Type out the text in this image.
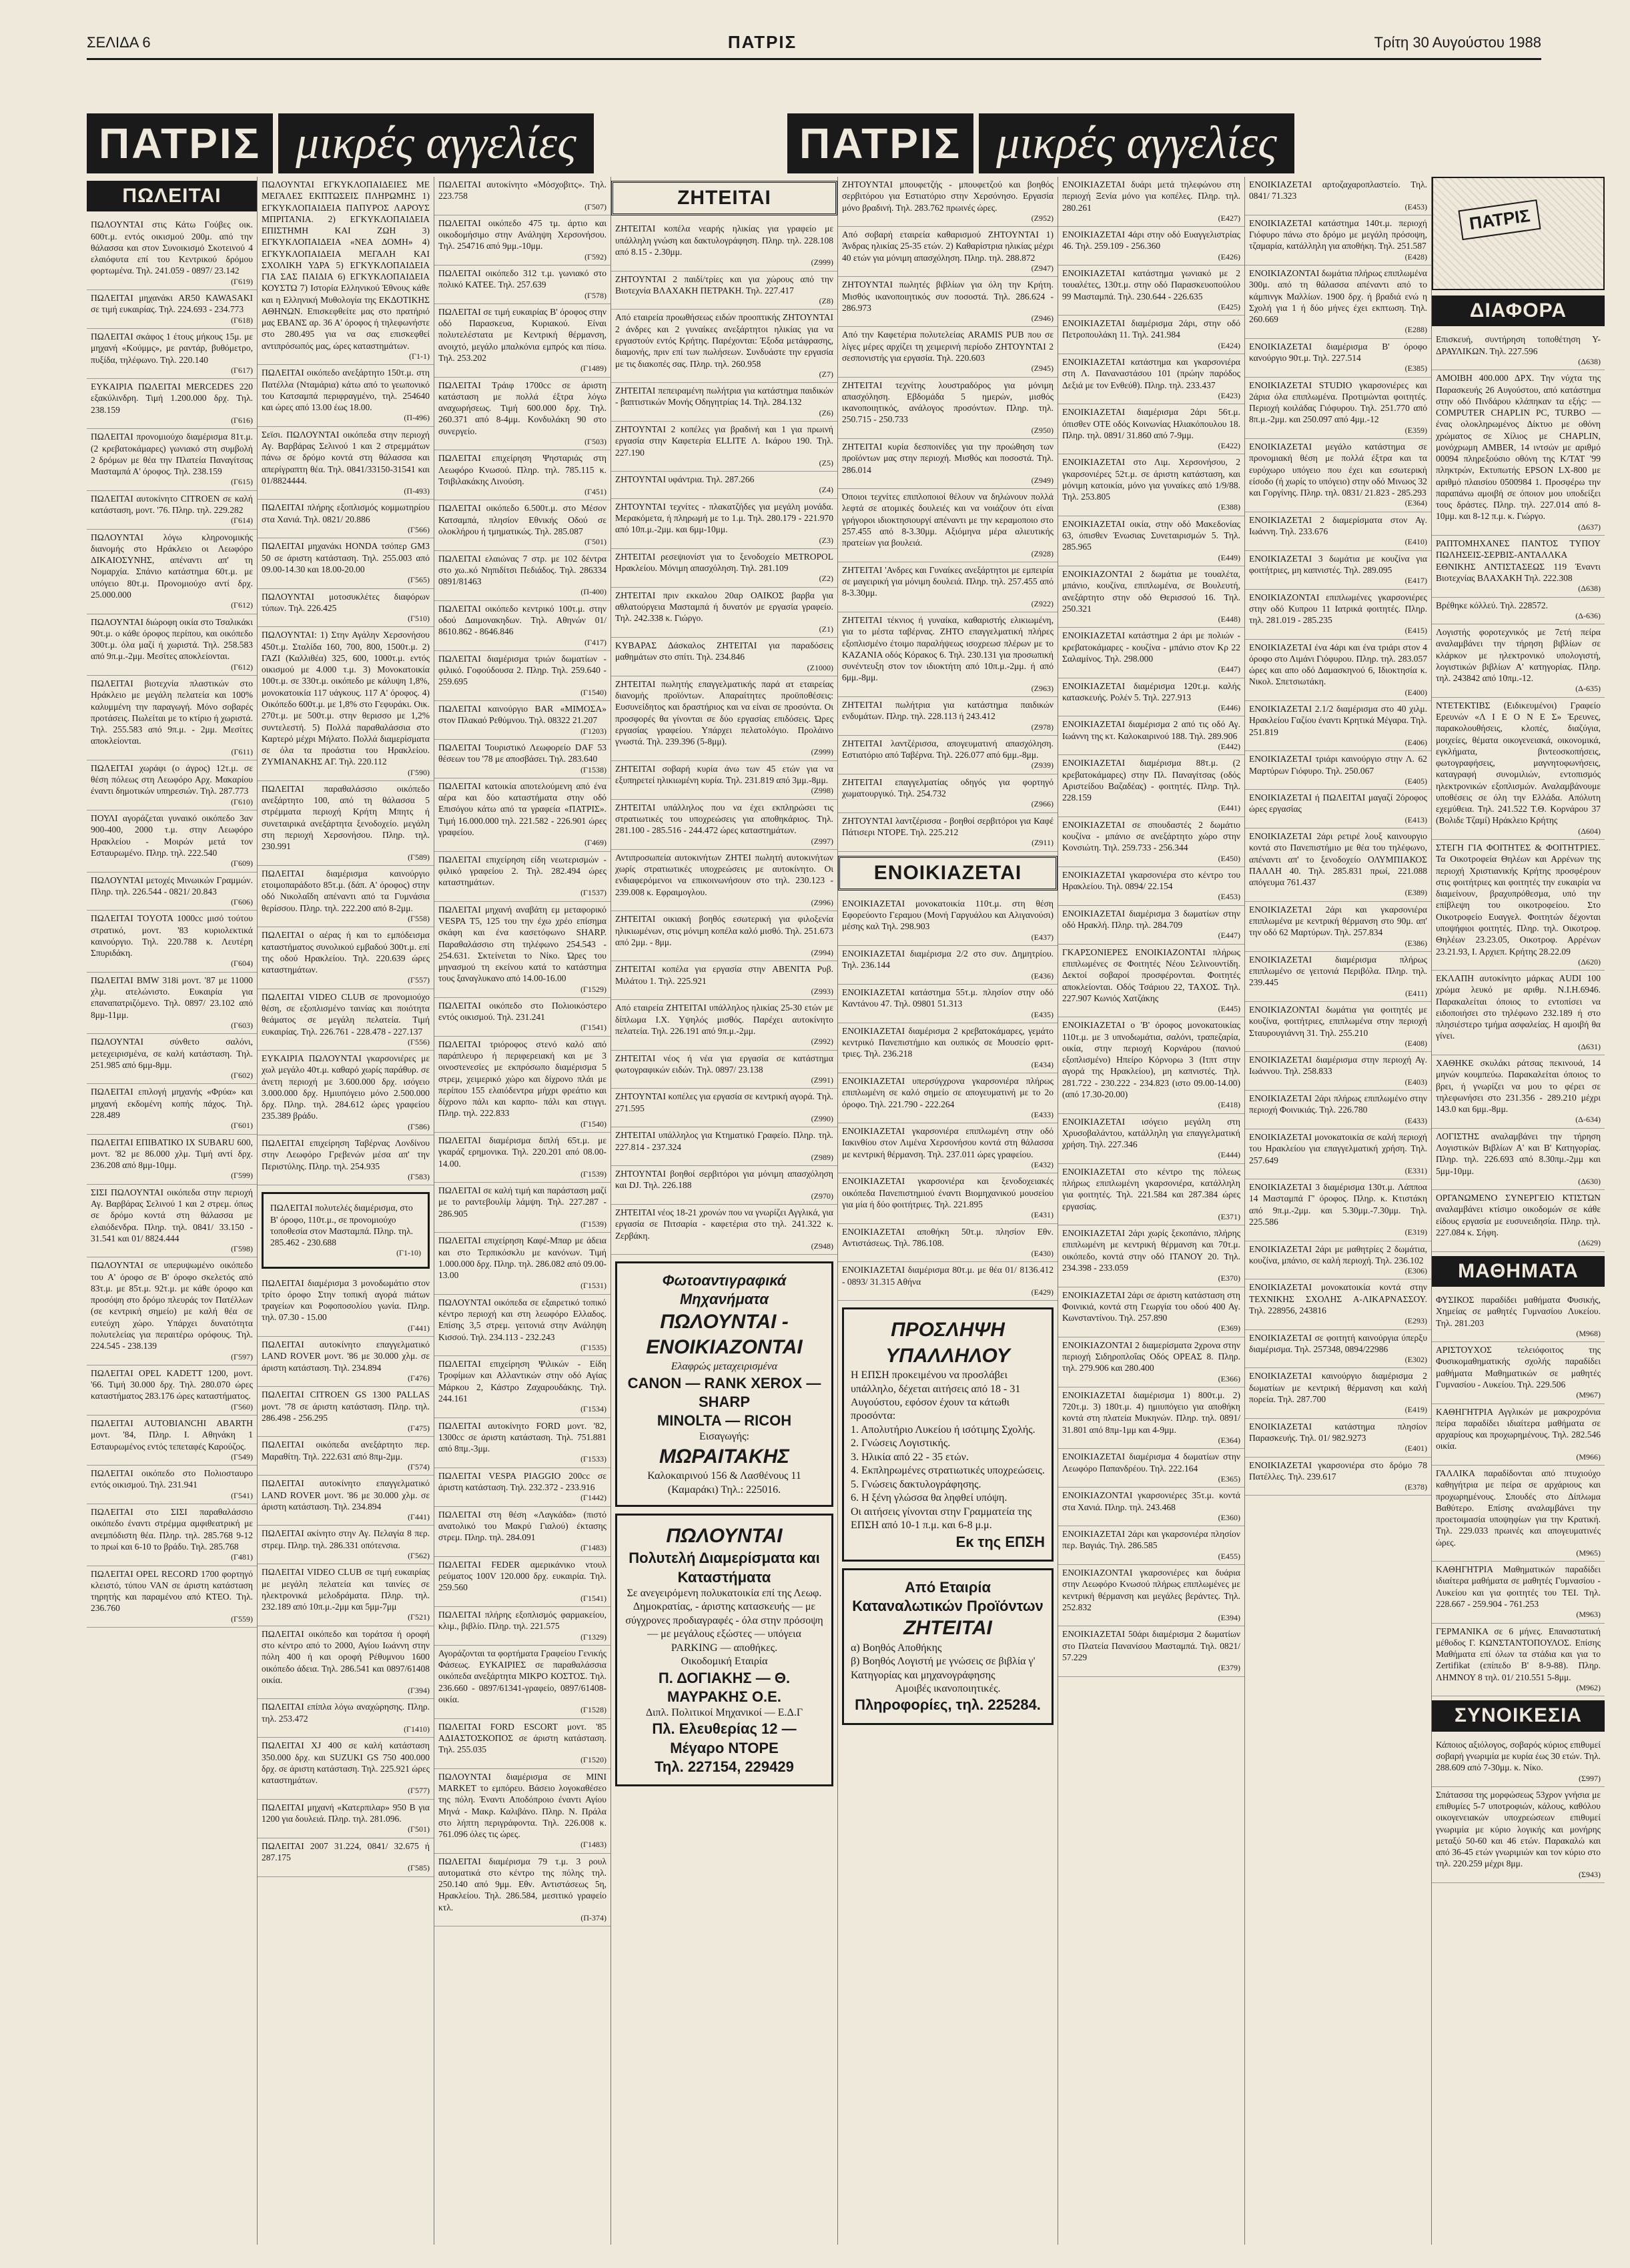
ΣΕΛΙΔΑ 6	ΠΑΤΡΙΣ	Τρίτη 30 Αυγούστου 1988
ΠΑΤΡΙΣ μικρές αγγελίες	ΠΑΤΡΙΣ μικρές αγγελίες
ΠΩΛΕΙΤΑΙ
ΠΩΛΟΥΝΤΑΙ στις Κάτω Γούβες οικ. 600τ.μ. εντός οικισμού 200μ. από την θάλασσα και στον Συνοικισμό Σκοτεινού 4 ελαιόφυτα επί του Κεντρικού δρόμου φορτωμένα. Τηλ. 241.059 - 0897/ 23.142
(Γ619)
ΠΩΛΕΙΤΑΙ μηχανάκι AR50 KAWASAKI σε τιμή ευκαιρίας. Τηλ. 224.693 - 234.773
(Γ618)
ΠΩΛΕΙΤΑΙ σκάφος 1 έτους μήκους 15μ. με μηχανή «Κούμμς», με ραντάρ, βυθόμετρο, πυξίδα, τηλέφωνο. Τηλ. 220.140
(Γ617)
ΕΥΚΑΙΡΙΑ ΠΩΛΕΙΤΑΙ MERCEDES 220 εξακύλινδρη. Τιμή 1.200.000 δρχ. Τηλ. 238.159
(Γ616)
ΠΩΛΕΙΤΑΙ προνομιούχο διαμέρισμα 81τ.μ. (2 κρεβατοκάμαρες) γωνιακό στη συμβολή 2 δρόμων με θέα την Πλατεία Παναγίτσας Μασταμπά Α' όροφος. Τηλ. 238.159
(Γ615)
ΠΩΛΕΙΤΑΙ αυτοκίνητο CITROEN σε καλή κατάσταση, μοντ. '76. Πληρ. τηλ. 229.282
(Γ614)
ΠΩΛΟΥΝΤΑΙ λόγω κληρονομικής διανομής στο Ηράκλειο οι Λεωφόρο ΔΙΚΑΙΟΣΥΝΗΣ, απέναντι απ' τη Νομαρχία. Σπάνιο κατάστημα 60τ.μ. με υπόγειο 80τ.μ. Προνομιούχο αντί δρχ. 25.000.000
(Γ612)
ΠΩΛΟΥΝΤΑΙ διώροφη οικία στο Τσαλικάκι 90τ.μ. ο κάθε όροφος περίπου, και οικόπεδο 300τ.μ. όλα μαζί ή χωριστά. Τηλ. 258.583 από 9π.μ.-2μμ. Μεσίτες αποκλείονται.
(Γ612)
ΠΩΛΕΙΤΑΙ βιοτεχνία πλαστικών στο Ηράκλειο με μεγάλη πελατεία και 100% καλυμμένη την παραγωγή. Μόνο σοβαρές προτάσεις. Πωλείται με το κτίριο ή χωριστά. Τηλ. 255.583 από 9π.μ. - 2μμ. Μεσίτες αποκλείονται.
(Γ611)
ΠΩΛΕΙΤΑΙ χωράφι (ο άγρος) 12τ.μ. σε θέση πόλεως στη Λεωφόρο Αρχ. Μακαρίου έναντι δημοτικών υπηρεσιών. Τηλ. 287.773
(Γ610)
ΠΟΥΛΙ αγοράζεται γυναικό οικόπεδο 3αν 900-400, 2000 τ.μ. στην Λεωφόρο Ηρακλείου - Μοιρών μετά τον Εσταυρωμένο. Πληρ. τηλ. 222.540
(Γ609)
ΠΩΛΟΥΝΤΑΙ μετοχές Μινωικών Γραμμών. Πληρ. τηλ. 226.544 - 0821/ 20.843
(Γ606)
ΠΩΛΕΙΤΑΙ TOYOTA 1000cc μισό τούτου στρατικό, μοντ. '83 κυριολεκτικά καινούργιο. Τηλ. 220.788 κ. Λευτέρη Σπυριδάκη.
(Γ604)
ΠΩΛΕΙΤΑΙ BMW 318i μοντ. '87 με 11000 χλμ. ατελώνιστο. Ευκαιρία για επαναπατριζόμενο. Τηλ. 0897/ 23.102 από 8μμ-11μμ.
(Γ603)
ΠΩΛΟΥΝΤΑΙ σύνθετο σαλόνι, μετεχειρισμένα, σε καλή κατάσταση. Τηλ. 251.985 από 6μμ-8μμ.
(Γ602)
ΠΩΛΕΙΤΑΙ επιλογή μηχανής «Φρύα» και μηχανή εκδομένη κοπής πάχος. Τηλ. 228.489
(Γ601)
ΠΩΛΕΙΤΑΙ ΕΠΙΒΑΤΙΚΟ ΙΧ SUBARU 600, μοντ. '82 με 86.000 χλμ. Τιμή αντί δρχ. 236.208 από 8μμ-10μμ.
(Γ599)
ΣΙΣΙ ΠΩΛΟΥΝΤΑΙ οικόπεδα στην περιοχή Αγ. Βαρβάρας Σελινού 1 και 2 στρεμ. όπως σε δρόμο κοντά στη θάλασσα με ελαιόδενδρα. Πληρ. τηλ. 0841/ 33.150 - 31.541 και 01/ 8824.444
(Γ598)
ΠΩΛΟΥΝΤΑΙ σε υπερυψωμένο οικόπεδο του Α' όροφο σε Β' όροφο σκελετός από 83τ.μ. με 85τ.μ. 92τ.μ. με κάθε όροφο και προσόψη στο δρόμο πλευράς τον Πατέλλων (σε κεντρική σημείο) με καλή θέα σε ευτεύχη χώρο. Υπάρχει δυνατότητα πολυτελείας για περαιτέρω ορόφους. Τηλ. 224.545 - 238.139
(Γ597)
ΠΩΛΕΙΤΑΙ OPEL KADETT 1200, μοντ. '66. Τιμή 30.000 δρχ. Τηλ. 280.070 ώρες καταστήματος 283.176 ώρες καταστήματος.
(Γ560)
ΠΩΛΕΙΤΑΙ AUTOBIANCHI ABARTH μοντ. '84, Πληρ. Ι. Αθηνάκη 1 Εσταυρωμένος εντός τεπεταφές Καρούζος.
(Γ549)
ΠΩΛΕΙΤΑΙ οικόπεδο στο Πολιοσταυρο εντός οικισμού. Τηλ. 231.941
(Γ541)
ΠΩΛΕΙΤΑΙ στο ΣΙΣΙ παραθαλάσσιο οικόπεδο έναντι στρέμμα αμφιθεατρική με ανεμπόδιστη θέα. Πληρ. τηλ. 285.768 9-12 το πρωί και 6-10 το βράδυ. Τηλ. 285.768
(Γ481)
ΠΩΛΕΙΤΑΙ OPEL RECORD 1700 φορτηγό κλειστό, τύπου VAN σε άριστη κατάσταση τηρητής και παραμένου από ΚΤΕΟ. Τηλ. 236.760
(Γ559)
ΠΩΛΟΥΝΤΑΙ ΕΓΚΥΚΛΟΠΑΙΔΕΙΕΣ ΜΕ ΜΕΓΑΛΕΣ ΕΚΠΤΩΣΕΙΣ ΠΛΗΡΩΜΗΣ 1) ΕΓΚΥΚΛΟΠΑΙΔΕΙΑ ΠΑΠΥΡΟΣ ΛΑΡΟΥΣ ΜΠΡΙΤΑΝΙΑ. 2) ΕΓΚΥΚΛΟΠΑΙΔΕΙΑ ΕΠΙΣΤΗΜΗ ΚΑΙ ΖΩΗ 3) ΕΓΚΥΚΛΟΠΑΙΔΕΙΑ «ΝΕΑ ΔΟΜΗ» 4) ΕΓΚΥΚΛΟΠΑΙΔΕΙΑ ΜΕΓΑΛΗ ΚΑΙ ΣΧΟΛΙΚΗ ΥΔΡΑ 5) ΕΓΚΥΚΛΟΠΑΙΔΕΙΑ ΓΙΑ ΣΑΣ ΠΑΙΔΙΑ 6) ΕΓΚΥΚΛΟΠΑΙΔΕΙΑ ΚΟΥΣΤΩ 7) Ιστορία Ελληνικού Έθνους κάθε και η Ελληνική Μυθολογία της ΕΚΔΟΤΙΚΗΣ ΑΘΗΝΩΝ. Επισκεφθείτε μας στο πρατήριό μας ΕΒΑΝΣ αρ. 36 Α' όροφος ή τηλεφωνήστε στο 280.495 για να σας επισκεφθεί αντιπρόσωπός μας, ώρες καταστημάτων.
(Γ1-1)
ΠΩΛΕΙΤΑΙ οικόπεδο ανεξάρτητο 150τ.μ. στη Πατέλλα (Νταμάρια) κάτω από το γεωπονικό του Κατσαμπά περιφραγμένο, τηλ. 254640 και ώρες από 13.00 έως 18.00.
(Π-496)
Σεϊσι. ΠΩΛΟΥΝΤΑΙ οικόπεδα στην περιοχή Αγ. Βαρβάρας Σελινού 1 και 2 στρεμμάτων πάνω σε δρόμο κοντά στη θάλασσα και απερίγραπτη θέα. Τηλ. 0841/33150-31541 και 01/8824444.
(Π-493)
ΠΩΛΕΙΤΑΙ πλήρης εξοπλισμός κομμωτηρίου στα Χανιά. Τηλ. 0821/ 20.886
(Γ566)
ΠΩΛΕΙΤΑΙ μηχανάκι HONDA τσόπερ GM3 50 σε άριστη κατάσταση. Τηλ. 255.003 από 09.00-14.30 και 18.00-20.00
(Γ565)
ΠΩΛΟΥΝΤΑΙ μοτοσυκλέτες διαφόρων τύπων. Τηλ. 226.425
(Γ510)
ΠΩΛΟΥΝΤΑΙ: 1) Στην Αγάλην Χερσονήσου 450τ.μ. Σταλίδα 160, 700, 800, 1500τ.μ. 2) ΓΑΖΙ (Καλλιθέα) 325, 600, 1000τ.μ. εντός οικισμού με 4.000 τ.μ. 3) Μονοκατοικία 100τ.μ. σε 330τ.μ. οικόπεδο με κάλυψη 1,8%, μονοκατοικία 117 υάγκους. 117 Α' όροφος. 4) Οικόπεδο 600τ.μ. με 1,8% στο Γεφυράκι. Οικ. 270τ.μ. με 500τ.μ. στην θερισσο με 1,2% συντελεστή. 5) Πολλά παραθαλάσσια στο Καρτερό μέχρι Μήλατο. Πολλά διαμερίσματα σε όλα τα προάστια του Ηρακλείου. ΖΥΜΙΑΝΑΚΗΣ ΑΓ. Τηλ. 220.112
(Γ590)
ΠΩΛΕΙΤΑΙ παραθαλάσσιο οικόπεδο ανεξάρτητο 100, από τη θάλασσα 5 στρέμματα περιοχή Κρήτη Μπητς ή συνεταιρικά ανεξάρτητα ξενοδοχείο. μεγάλη στη περιοχή Χερσονήσου. Πληρ. τηλ. 230.991
(Γ589)
ΠΩΛΕΙΤΑΙ διαμέρισμα καινούργιο ετοιμοπαράδοτο 85τ.μ. (δάπ. Α' όροφος) στην οδό Νικολαΐδη απέναντι από τα Γυμνάσια θερίσσου. Πληρ. τηλ. 222.200 από 8-2μμ.
(Γ558)
ΠΩΛΕΙΤΑΙ ο αέρας ή και το εμπόδεισμα καταστήματος συνολικού εμβαδού 300τ.μ. επί της οδού Ηρακλείου. Τηλ. 220.639 ώρες καταστημάτων.
(Γ557)
ΠΩΛΕΙΤΑΙ VIDEO CLUB σε προνομιούχο θέση, σε εξοπλισμένο ταινίας και ποιότητα θεάματος σε μεγάλη πελατεία. Τιμή ευκαιρίας. Τηλ. 226.761 - 228.478 - 227.137
(Γ556)
ΕΥΚΑΙΡΙΑ ΠΩΛΟΥΝΤΑΙ γκαρσονιέρες με χωλ μεγάλο 40τ.μ. καθαρό χωρίς παράθυρ. σε άνετη περιοχή με 3.600.000 δρχ. ισόγειο 3.000.000 δρχ. Ημιυπόγειο μόνο 2.500.000 δρχ. Πληρ. τηλ. 284.612 ώρες γραφείου 235.389 βράδυ.
(Γ586)
ΠΩΛΕΙΤΑΙ επιχείρηση Ταβέρνας Λονδίνου στην Λεωφόρο Γρεβενών μέσα απ' την Περιστύλης. Πληρ. τηλ. 254.935
(Γ583)
ΠΩΛΕΙΤΑΙ πολυτελές διαμέρισμα, στο Β' όροφο, 110τ.μ., σε προνομιούχο τοποθεσία στον Μασταμπά. Πληρ. τηλ. 285.462 - 230.688
(Γ1-10)
ΠΩΛΕΙΤΑΙ διαμέρισμα 3 μονοδωμάτιο στον τρίτο όροφο Στην τοπική αγορά πιάτων τραγείων και Ροφοποσολίου γωνία. Πληρ. τηλ. 07.30 - 15.00
(Γ441)
ΠΩΛΕΙΤΑΙ αυτοκίνητο επαγγελματικό LAND ROVER μοντ. '86 με 30.000 χλμ. σε άριστη κατάσταση. Τηλ. 234.894
(Γ476)
ΠΩΛΕΙΤΑΙ CITROEN GS 1300 PALLAS μοντ. '78 σε άριστη κατάσταση. Πληρ. τηλ. 286.498 - 256.295
(Γ475)
ΠΩΛΕΙΤΑΙ οικόπεδα ανεξάρτητο περ. Μαραθίτη. Τηλ. 222.631 από 8πμ-2μμ.
(Γ574)
ΠΩΛΕΙΤΑΙ αυτοκίνητο επαγγελματικό LAND ROVER μοντ. '86 με 30.000 χλμ. σε άριστη κατάσταση. Τηλ. 234.894
(Γ441)
ΠΩΛΕΙΤΑΙ ακίνητο στην Αγ. Πελαγία 8 περ. στρεμ. Πληρ. τηλ. 286.331 οπότενσια.
(Γ562)
ΠΩΛΕΙΤΑΙ VIDEO CLUB σε τιμή ευκαιρίας με μεγάλη πελατεία και ταινίες σε ηλεκτρονικά μελοδράματα. Πληρ. τηλ. 232.189 από 10π.μ.-2μμ και 5μμ-7μμ
(Γ521)
ΠΩΛΕΙΤΑΙ οικόπεδο και τοράτσα ή οροφή στο κέντρο από το 2000, Αγίου Ιωάννη στην πόλη 400 ή και οροφή Ρέθυμνου 1600 οικόπεδο άδεια. Τηλ. 286.541 και 0897/61408 οικία.
(Γ394)
ΠΩΛΕΙΤΑΙ επίπλα λόγω αναχώρησης. Πληρ. τηλ. 253.472
(Γ1410)
ΠΩΛΕΙΤΑΙ XJ 400 σε καλή κατάσταση 350.000 δρχ. και SUZUKI GS 750 400.000 δρχ. σε άριστη κατάσταση. Τηλ. 225.921 ώρες καταστημάτων.
(Γ577)
ΠΩΛΕΙΤΑΙ μηχανή «Κατερπιλαρ» 950 Β για 1200 για δουλειά. Πληρ. τηλ. 281.096.
(Γ501)
ΠΩΛΕΙΤΑΙ 2007 31.224, 0841/ 32.675 ή 287.175
(Γ585)
ΠΩΛΕΙΤΑΙ αυτοκίνητο «Μόσχοβιτς». Τηλ. 223.758
(Γ507)
ΠΩΛΕΙΤΑΙ οικόπεδο 475 τμ. άρτιο και οικοδομήσιμο στην Ανάληψη Χερσονήσου. Τηλ. 254716 από 9μμ.-10μμ.
(Γ592)
ΠΩΛΕΙΤΑΙ οικόπεδο 312 τ.μ. γωνιακό στο πολικό ΚΑΤΕΕ. Τηλ. 257.639
(Γ578)
ΠΩΛΕΙΤΑΙ σε τιμή ευκαιρίας Β' όροφος στην οδό Παρασκευα, Κυριακού. Είναι πολυτελέστατα με Κεντρική θέρμανση, ανοιχτό, μεγάλο μπαλκόνια εμπρός και πίσω. Τηλ. 253.202
(Γ1489)
ΠΩΛΕΙΤΑΙ Τράιφ 1700cc σε άριστη κατάσταση με πολλά έξτρα λόγω αναχωρήσεως. Τιμή 600.000 δρχ. Τηλ. 260.371 από 8-4μμ. Κονδυλάκη 90 στο συνεργείο.
(Γ503)
ΠΩΛΕΙΤΑΙ επιχείρηση Ψησταριάς στη Λεωφόρο Κνωσού. Πληρ. τηλ. 785.115 κ. Τσιβιλακάκης Λινούση.
(Γ451)
ΠΩΛΕΙΤΑΙ οικόπεδο 6.500τ.μ. στο Μέσον Κατσαμπά, πλησίον Εθνικής Οδού σε ολοκλήρου ή τμηματικώς. Τηλ. 285.087
(Γ501)
ΠΩΛΕΙΤΑΙ ελαιώνας 7 στρ. με 102 δέντρα στο χω..κό Νηπιδίτσι Πεδιάδος. Τηλ. 286334 0891/81463
(Π-400)
ΠΩΛΕΙΤΑΙ οικόπεδο κεντρικό 100τ.μ. στην οδού Δαιμονακηδων. Τηλ. Αθηνών 01/ 8610.862 - 8646.846
(Γ417)
ΠΩΛΕΙΤΑΙ διαμέρισμα τριών δωματίων - φιλικό. Γοφούδουσα 2. Πληρ. Τηλ. 259.640 - 259.695
(Γ1540)
ΠΩΛΕΙΤΑΙ καινούργιο BAR «ΜΙΜΟΣΑ» στον Πλακαό Ρεθύμνου. Τηλ. 08322 21.207
(Γ1203)
ΠΩΛΕΙΤΑΙ Τουριστικό Λεωφορείο DAF 53 θέσεων του '78 με αποσβάσει. Τηλ. 283.640
(Γ1538)
ΠΩΛΕΙΤΑΙ κατοικία αποτελούμενη από ένα αέρα και δύο καταστήματα στην οδό Επισόγου κάτω από τα γραφεία «ΠΑΤΡΙΣ». Τιμή 16.000.000 τηλ. 221.582 - 226.901 ώρες γραφείου.
(Γ469)
ΠΩΛΕΙΤΑΙ επιχείρηση είδη νεωτερισμών - φιλικό γραφείου 2. Τηλ. 282.494 ώρες καταστημάτων.
(Γ1537)
ΠΩΛΕΙΤΑΙ μηχανή αναβάτη εμ μεταφορικό VESPA T5, 125 του την έχω χρέο επίσημα σκάφη και ένα κασετόφωνο SHARP. Παραθαλάσσιο στη τηλέφωνο 254.543 - 254.631. Σκτείνεται το Νίκο. Ώρες του μηνασμού τη εκείνου κατά το κατάστημα τους ξαναγλυκανο από 14.00-16.00
(Γ1529)
ΠΩΛΕΙΤΑΙ οικόπεδο στο Πολιοικόστερο εντός οικισμού. Τηλ. 231.241
(Γ1541)
ΠΩΛΕΙΤΑΙ τριόροφος στενό καλό από παράπλευρο ή περιφερειακή και με 3 οινοστενεσίες με εκπρόσωπο διαμέρισμα 5 στρεμ, χειμερικό χώρο και δίχρονο πλάι με περίπου 155 ελαιόδεντρα μήχρι φρεάτιο και δίχρονο πάλι και καρπο- πάλι και στιγγι. Πληρ. τηλ. 222.833
(Γ1540)
ΠΩΛΕΙΤΑΙ διαμέρισμα διπλή 65τ.μ. με γκαράζ ερημονικα. Τηλ. 220.201 από 08.00-14.00.
(Γ1539)
ΠΩΛΕΙΤΑΙ σε καλή τιμή και παράσταση μαζί με το ραντεβουλίμ λάμψη. Τηλ. 227.287 - 286.905
(Γ1539)
ΠΩΛΕΙΤΑΙ επιχείρηση Καφέ-Μπαρ με άδεια και στο Τερπικόσκλυ με κανόνων. Τιμή 1.000.000 δρχ. Πληρ. τηλ. 286.082 από 09.00-13.00
(Γ1531)
ΠΩΛΟΥΝΤΑΙ οικόπεδα σε εξαιρετικό τοπικό κέντρο περιοχή και στη λεωφόρο Ελλαδος. Επίσης 3,5 στρεμ. γειτονιά στην Ανάληψη Κισσού. Τηλ. 234.113 - 232.243
(Γ1535)
ΠΩΛΕΙΤΑΙ επιχείρηση Ψιλικών - Είδη Τροφίμων και Αλλαντικών στην οδό Αγίας Μάρκου 2, Κάστρο Ζαχαρουδάκης. Τηλ. 244.161
(Γ1534)
ΠΩΛΕΙΤΑΙ αυτοκίνητο FORD μοντ. '82, 1300cc σε άριστη κατάσταση. Τηλ. 751.881 από 8πμ.-3μμ.
(Γ1533)
ΠΩΛΕΙΤΑΙ VESPA PIAGGIO 200cc σε άριστη κατάσταση. Τηλ. 232.372 - 233.916
(Γ1442)
ΠΩΛΕΙΤΑΙ στη θέση «Λαγκάδα» (πιστό ανατολικό του Μακρύ Γιαλού) έκτασης στρεμ. Πληρ. τηλ. 284.091
(Γ1483)
ΠΩΛΕΙΤΑΙ FEDER αμερικάνικο ντουλ ρεύματος 100V 120.000 δρχ. ευκαιρία. Τηλ. 259.560
(Γ1541)
ΠΩΛΕΙΤΑΙ πλήρης εξοπλισμός φαρμακείου, κλιμ., βιβλίο. Πληρ. τηλ. 221.575
(Γ1329)
Αγοράζονται τα φορτήματα Γραφείου Γενικής Φάσεως. ΕΥΚΑΙΡΙΕΣ σε παραθαλάσσια οικόπεδα ανεξάρτητα ΜΙΚΡΟ ΚΟΣΤΟΣ. Τηλ. 236.660 - 0897/61341-γραφείο, 0897/61408-οικία.
(Γ1528)
ΠΩΛΕΙΤΑΙ FORD ESCORT μοντ. '85 ΑΔΙΑΣΤΟΣΚΟΠΟΣ σε άριστη κατάσταση. Τηλ. 255.035
(Γ1520)
ΠΩΛΟΥΝΤΑΙ διαμέρισμα σε MINI MARKET το εμπόρευ. Βάσειο λογοκαθέσεο της πόλη. Έναντι Αποδόπροιο έναντι Αγίου Μηνά - Μακρ. Καλιβάνο. Πληρ. Ν. Πράλα στο λήπτη περιγράφοντα. Τηλ. 226.008 κ. 761.096 όλες τις ώρες.
(Γ1483)
ΠΩΛΕΙΤΑΙ διαμέρισμα 79 τ.μ. 3 ρουλ αυτοματικά στο κέντρο της πόλης τηλ. 250.140 από 9μμ. Εθν. Αντιστάσεως 5η, Ηρακλείου. Τηλ. 286.584, μεσιτικό γραφείο κτλ.
(Π-374)
ΖΗΤΕΙΤΑΙ
ΖΗΤΕΙΤΑΙ κοπέλα νεαρής ηλικίας για γραφείο με υπάλληλη γνώση και δακτυλογράφηση. Πληρ. τηλ. 228.108 από 8.15 - 2.30μμ.
(Ζ999)
ΖΗΤΟΥΝΤΑΙ 2 παιδί/τρίες και για χώρους από την Βιοτεχνία ΒΛΑΧΑΚΗ ΠΕΤΡΑΚΗ. Τηλ. 227.417
(Ζ8)
Από εταιρεία προωθήσεως ειδών προοπτικής ΖΗΤΟΥΝΤΑΙ 2 άνδρες και 2 γυναίκες ανεξάρτητοι ηλικίας για να εργαστούν εντός Κρήτης. Παρέχονται: Έξοδα μετάφρασης, διαμονής, πριν επί των πωλήσεων. Συνδυάστε την εργασία με τις διακοπές σας. Πληρ. τηλ. 260.958
(Ζ7)
ΖΗΤΕΙΤΑΙ πεπειραμένη πωλήτρια για κατάστημα παιδικών - βαπτιστικών Μονής Οδηγητρίας 14. Τηλ. 284.132
(Ζ6)
ΖΗΤΟΥΝΤΑΙ 2 κοπέλες για βραδινή και 1 για πρωινή εργασία στην Καφετερία ELLITE Λ. Ικάρου 190. Τηλ. 227.190
(Ζ5)
ΖΗΤΟΥΝΤΑΙ υφάντρια. Τηλ. 287.266
(Ζ4)
ΖΗΤΟΥΝΤΑΙ τεχνίτες - πλακατζήδες για μεγάλη μονάδα. Μερακόμετα, ή πληρωμή με το 1.μ. Τηλ. 280.179 - 221.970 από 10π.μ.-2μμ. και 6μμ-10μμ.
(Ζ3)
ΖΗΤΕΙΤΑΙ ρεσεψιονίστ για το ξενοδοχείο METROPOL Ηρακλείου. Μόνιμη απασχόληση. Τηλ. 281.109
(Ζ2)
ΖΗΤΕΙΤΑΙ πριν εκκαλου 20αρ ΟΑΙΚΟΣ βαρβα για αθλατούργεια Μασταμπά ή δυνατόν με εργασία γραφείο. Τηλ. 242.338 κ. Γιώργο.
(Ζ1)
ΚΥΒΑΡΑΣ Δάσκαλος ΖΗΤΕΙΤΑΙ για παραδόσεις μαθημάτων στο σπίτι. Τηλ. 234.846
(Ζ1000)
ΖΗΤΕΙΤΑΙ πωλητής επαγγελματικής παρά ατ εταιρείας διανομής προϊόντων. Απαραίτητες προϋποθέσεις: Ευσυνείδητος και δραστήριος και να είναι σε προσόντα. Οι προσφορές θα γίνονται σε δύο εργασίας επιδόσεις. Ώρες εργασίας γραφείου. Υπάρχει πελατολόγιο. Προλάινο γνωστά. Τηλ. 239.396 (5-8μμ).
(Ζ999)
ΖΗΤΕΙΤΑΙ σοβαρή κυρία άνω των 45 ετών για να εξυπηρετεί ηλικιωμένη κυρία. Τηλ. 231.819 από 3μμ.-8μμ.
(Ζ998)
ΖΗΤΕΙΤΑΙ υπάλληλος που να έχει εκπληρώσει τις στρατιωτικές του υποχρεώσεις για αποθηκάριος. Τηλ. 281.100 - 285.516 - 244.472 ώρες καταστημάτων.
(Ζ997)
Αντιπροσωπεία αυτοκινήτων ΖΗΤΕΙ πωλητή αυτοκινήτων χωρίς στρατιωτικές υποχρεώσεις με αυτοκίνητο. Οι ενδιαφερόμενοι να επικοινωνήσουν στο τηλ. 230.123 - 239.008 κ. Εφραιμογλου.
(Ζ996)
ΖΗΤΕΙΤΑΙ οικιακή βοηθός εσωτερική για φιλοξενία ηλικιωμένων, στις μόνιμη κοπέλα καλό μισθό. Τηλ. 251.673 από 2μμ. - 8μμ.
(Ζ994)
ΖΗΤΕΙΤΑΙ κοπέλα για εργασία στην ABENITA Ρυβ. Μιλάτου 1. Τηλ. 225.921
(Ζ993)
Από εταιρεία ΖΗΤΕΙΤΑΙ υπάλληλος ηλικίας 25-30 ετών με δίπλωμα Ι.Χ. Υψηλός μισθός. Παρέχει αυτοκίνητο πελατεία. Τηλ. 226.191 από 9π.μ.-2μμ.
(Ζ992)
ΖΗΤΕΙΤΑΙ νέος ή νέα για εργασία σε κατάστημα φωτογραφικών ειδών. Τηλ. 0897/ 23.138
(Ζ991)
ΖΗΤΟΥΝΤΑΙ κοπέλες για εργασία σε κεντρική αγορά. Τηλ. 271.595
(Ζ990)
ΖΗΤΕΙΤΑΙ υπάλληλος για Κτηματικό Γραφείο. Πληρ. τηλ. 227.814 - 237.324
(Ζ989)
ΖΗΤΟΥΝΤΑΙ βοηθοί σερβιτόροι για μόνιμη απασχόληση και DJ. Τηλ. 226.188
(Ζ970)
ΖΗΤΕΙΤΑΙ νέος 18-21 χρονών που να γνωρίζει Αγγλικά, για εργασία σε Πιτσαρία - καφετέρια στο τηλ. 241.322 κ. Ζερβάκη.
(Ζ948)
Φωτοαντιγραφικά Μηχανήματα
ΠΩΛΟΥΝΤΑΙ - ΕΝΟΙΚΙΑΖΟΝΤΑΙ
Ελαφρώς μεταχειρισμένα
CANON — RANK XEROX — SHARP
MINOLTA — RICOH
Εισαγωγής:
ΜΩΡΑΙΤΑΚΗΣ
Καλοκαιρινού 156 & Λασθένους 11 (Καμαράκι) Τηλ.: 225016.
ΠΩΛΟΥΝΤΑΙ
Πολυτελή Διαμερίσματα και Καταστήματα
Σε ανεγειρόμενη πολυκατοικία επί της Λεωφ. Δημοκρατίας, - άριστης κατασκευής — με σύγχρονες προδιαγραφές - όλα στην πρόσοψη — με μεγάλους εξώστες — υπόγεια PARKING — αποθήκες.
Οικοδομική Εταιρία
Π. ΔΟΓΙΑΚΗΣ — Θ. ΜΑΥΡΑΚΗΣ Ο.Ε.
Διπλ. Πολιτικοί Μηχανικοί — Ε.Δ.Γ
Πλ. Ελευθερίας 12 — Μέγαρο ΝΤΟΡΕ
Τηλ. 227154, 229429
ΖΗΤΟΥΝΤΑΙ μπουφετζής - μπουφετζού και βοηθός σερβιτόρου για Εστιατόριο στην Χερσόνησο. Εργασία μόνο βραδινή. Τηλ. 283.762 πρωινές ώρες.
(Ζ952)
Από σοβαρή εταιρεία καθαρισμού ΖΗΤΟΥΝΤΑΙ 1) Άνδρας ηλικίας 25-35 ετών. 2) Καθαρίστρια ηλικίας μέχρι 40 ετών για μόνιμη απασχόληση. Πληρ. τηλ. 288.872
(Ζ947)
ΖΗΤΟΥΝΤΑΙ πωλητές βιβλίων για όλη την Κρήτη. Μισθός ικανοποιητικός συν ποσοστά. Τηλ. 286.624 - 286.973
(Ζ946)
Από την Καφετέρια πολυτελείας ARAMIS PUB που σε λίγες μέρες αρχίζει τη χειμερινή περίοδο ΖΗΤΟΥΝΤΑΙ 2 σεσπονιστής για εργασία. Τηλ. 220.603
(Ζ945)
ΖΗΤΕΙΤΑΙ τεχνίτης λουστραδόρος για μόνιμη απασχόληση. Εβδομάδα 5 ημερών, μισθός ικανοποιητικός, ανάλογος προσόντων. Πληρ. τηλ. 250.715 - 250.733
(Ζ950)
ΖΗΤΕΙΤΑΙ κυρία δεσποινίδες για την προώθηση των προϊόντων μας στην περιοχή. Μισθός και ποσοστά. Τηλ. 286.014
(Ζ949)
Όποιοι τεχνίτες επιπλοποιοί θέλουν να δηλώνουν πολλά λεφτά σε ατομικές δουλειές και να νοιάζουν ότι είναι γρήγοροι ιδιοκτησιουργί απέναντι με την κεραμοποιο στο 257.455 από 8-3.30μμ. Αξιόμηνα μέρα αλιευτικής πρατείων για βουλειά.
(Ζ928)
ΖΗΤΕΙΤΑΙ 'Ανδρες και Γυναίκες ανεξάρτητοι με εμπειρία σε μαγειρική για μόνιμη δουλειά. Πληρ. τηλ. 257.455 από 8-3.30μμ.
(Ζ922)
ΖΗΤΕΙΤΑΙ τέκνιος ή γυναίκα, καθαριστής ελικιωμένη, για το μέστα ταβέρνας. ΖΗΤΟ επαγγελματική πλήρες εξοπλισμένο έτοιμο παραλήψεως ισοχρεωσ πλέρων με το ΚΑΖΑΝΙΑ οδός Κόρακος 6. Τηλ. 230.131 για προσωπική συνέντευξη στον τον ιδιοκτήτη από 10π.μ.-2μμ. ή από 6μμ.-8μμ.
(Ζ963)
ΖΗΤΕΙΤΑΙ πωλήτρια για κατάστημα παιδικών ενδυμάτων. Πληρ. τηλ. 228.113 ή 243.412
(Ζ978)
ΖΗΤΕΙΤΑΙ λαντζέρισσα, απογευματινή απασχόληση. Εστιατόριο από Ταβέρνα. Τηλ. 226.077 από 6μμ.-8μμ.
(Ζ939)
ΖΗΤΕΙΤΑΙ επαγγελματίας οδηγός για φορτηγό χωματουργικό. Τηλ. 254.732
(Ζ966)
ΖΗΤΟΥΝΤΑΙ λαντζέρισσα - βοηθοί σερβιτόροι για Καφέ Πάτισερι ΝΤΟΡΕ. Τηλ. 225.212
(Ζ911)
ΕΝΟΙΚΙΑΖΕΤΑΙ
ΕΝΟΙΚΙΑΖΕΤΑΙ μονοκατοικία 110τ.μ. στη θέση Εφορεύοντο Γεραμου (Μονή Γαργυάλου και Αλιγανούσι) μέσης καλ Τηλ. 298.903
(Ε437)
ΕΝΟΙΚΙΑΖΕΤΑΙ διαμέρισμα 2/2 στο συν. Δημητρίου. Τηλ. 236.144
(Ε436)
ΕΝΟΙΚΙΑΖΕΤΑΙ κατάστημα 55τ.μ. πλησίον στην οδό Καντάνου 47. Τηλ. 09801 51.313
(Ε435)
ΕΝΟΙΚΙΑΖΕΤΑΙ διαμέρισμα 2 κρεβατοκάμαρες, γεμάτο κεντρικό Πανεπιστήμιο και ουπικός σε Μουσείο φριτ- τριες. Τηλ. 236.218
(Ε434)
ΕΝΟΙΚΙΑΖΕΤΑΙ υπερσύγχρονα γκαρσονιέρα πλήρως επιπλωμένη σε καλό σημείο σε απογευματινή με το 2ο όροφο. Τηλ. 221.790 - 222.264
(Ε433)
ΕΝΟΙΚΙΑΖΕΤΑΙ γκαρσονιέρα επιπλωμένη στην οδό Ιακινθίου στον Λιμένα Χερσονήσου κοντά στη θάλασσα με κεντρική θέρμανση. Τηλ. 237.011 ώρες γραφείου.
(Ε432)
ΕΝΟΙΚΙΑΖΕΤΑΙ γκαρσονιέρα και ξενοδοχειακές οικόπεδα Πανεπιστημιού έναντι Βιομηχανικού μουσείου για μία ή δύο φοιτήτριες. Τηλ. 221.895
(Ε431)
ΕΝΟΙΚΙΑΖΕΤΑΙ αποθήκη 50τ.μ. πλησίον Εθν. Αντιστάσεως. Τηλ. 786.108.
(Ε430)
ΕΝΟΙΚΙΑΖΕΤΑΙ διαμέρισμα 80τ.μ. με θέα 01/ 8136.412 - 0893/ 31.315 Αθήνα
(Ε429)
ΠΡΟΣΛΗΨΗ ΥΠΑΛΛΗΛΟΥ
Η ΕΠΣΗ προκειμένου να προσλάβει υπάλληλο, δέχεται αιτήσεις από 18 - 31 Αυγούστου, εφόσον έχουν τα κάτωθι προσόντα:
1. Απολυτήριο Λυκείου ή ισότιμης Σχολής.
2. Γνώσεις Λογιστικής.
3. Ηλικία από 22 - 35 ετών.
4. Εκπληρωμένες στρατιωτικές υποχρεώσεις.
5. Γνώσεις δακτυλογράφησης.
6. Η ξένη γλώσσα θα ληφθεί υπόψη.
Οι αιτήσεις γίνονται στην Γραμματεία της ΕΠΣΗ από 10-1 π.μ. και 6-8 μ.μ.
Εκ της ΕΠΣΗ
Από Εταιρία Καταναλωτικών Προϊόντων
ΖΗΤΕΙΤΑΙ
α) Βοηθός Αποθήκης
β) Βοηθός Λογιστή με γνώσεις σε βιβλία γ' Κατηγορίας και μηχανογράφησης
Αμοιβές ικανοποιητικές.
Πληροφορίες, τηλ. 225284.
ΕΝΟΙΚΙΑΖΕΤΑΙ δυάρι μετά τηλεφώνου στη περιοχή Ξενία μόνο για κοπέλες. Πληρ. τηλ. 280.261
(Ε427)
ΕΝΟΙΚΙΑΖΕΤΑΙ 4άρι στην οδό Ευαγγελιστρίας 46. Τηλ. 259.109 - 256.360
(Ε426)
ΕΝΟΙΚΙΑΖΕΤΑΙ κατάστημα γωνιακό με 2 τουαλέτες, 130τ.μ. στην οδό Παρασκευοπούλου 99 Μασταμπά. Τηλ. 230.644 - 226.635
(Ε425)
ΕΝΟΙΚΙΑΖΕΤΑΙ διαμέρισμα 2άρι, στην οδό Πετροπουλάκη 11. Τηλ. 241.984
(Ε424)
ΕΝΟΙΚΙΑΖΕΤΑΙ κατάστημα και γκαρσονιέρα στη Λ. Παναναστάσου 101 (πρώην παρόδος Δεξιά με τον Ενθεύθ). Πληρ. τηλ. 233.437
(Ε423)
ΕΝΟΙΚΙΑΖΕΤΑΙ διαμέρισμα 2άρι 56τ.μ. όπισθεν ΟΤΕ οδός Κοινωνίας Ηλιακόπουλου 18. Πληρ. τηλ. 0891/ 31.860 από 7-9μμ.
(Ε422)
ΕΝΟΙΚΙΑΖΕΤΑΙ στο Λιμ. Χερσονήσου, 2 γκαρσονιέρες 52τ.μ. σε άριστη κατάσταση, και μόνιμη κατοικία, μόνο για γυναίκες από 1/9/88. Τηλ. 253.805
(Ε388)
ΕΝΟΙΚΙΑΖΕΤΑΙ οικία, στην οδό Μακεδονίας 63, όπισθεν Ένωσιας Συνεταιρισμών 5. Τηλ. 285.965
(Ε449)
ΕΝΟΙΚΙΑΖΟΝΤΑΙ 2 δωμάτια με τουαλέτα, μπάνιο, κουζίνα, επιπλωμένα, σε Βουλευτή, ανεξάρτητο στην οδό Θερισσού 16. Τηλ. 250.321
(Ε448)
ΕΝΟΙΚΙΑΖΕΤΑΙ κατάστημα 2 άρι με πολιών - κρεβατοκάμαρες - κουζίνα - μπάνιο στον Κρ 22 Σαλαμίνος. Τηλ. 298.000
(Ε447)
ΕΝΟΙΚΙΑΖΕΤΑΙ διαμέρισμα 120τ.μ. καλής κατασκευής. Ρολέν 5. Τηλ. 227.913
(Ε446)
ΕΝΟΙΚΙΑΖΕΤΑΙ διαμέρισμα 2 από τις οδό Αγ. Ιωάννη της κτ. Καλοκαιρινού 188. Τηλ. 289.906
(Ε442)
ΕΝΟΙΚΙΑΖΕΤΑΙ διαμέρισμα 88τ.μ. (2 κρεβατοκάμαρες) στην Πλ. Παναγίτσας (οδός Αριστείδου Βαζαδέας) - φοιτητές. Πληρ. Τηλ. 228.159
(Ε441)
ΕΝΟΙΚΙΑΖΕΤΑΙ σε σπουδαστές 2 δωμάτιο κουζίνα - μπάνιο σε ανεξάρτητο χώρο στην Κονσιώτη. Τηλ. 259.733 - 256.344
(Ε450)
ΕΝΟΙΚΙΑΖΕΤΑΙ γκαρσονιέρα στο κέντρο του Ηρακλείου. Τηλ. 0894/ 22.154
(Ε453)
ΕΝΟΙΚΙΑΖΕΤΑΙ διαμέρισμα 3 δωματίων στην οδό Ηρακλή. Πληρ. τηλ. 284.709
(Ε447)
ΓΚΑΡΣΟΝΙΕΡΕΣ ΕΝΟΙΚΙΑΖΟΝΤΑΙ πλήρως επιπλωμένες σε Φοιτητές Νέου Σελινουντίδη. Δεκτοί σοβαροί προσφέρονται. Φοιτητές αποκλείονται. Οδός Τσάριου 22, ΤΑΧΟΣ. Τηλ. 227.907 Κωνιός Χατζάκης
(Ε445)
ΕΝΟΙΚΙΑΖΕΤΑΙ ο 'Β' όροφος μονοκατοικίας 110τ.μ. με 3 υπνοδωμάτια, σαλόνι, τραπεζαρία, οικία, στην περιοχή Κορνάρου (πανιού εξοπλισμένο) Ηπείρο Κόρνορω 3 (Ιτπτ στην αγορά της Ηρακλείου), μη καπνιστές. Τηλ. 281.722 - 230.222 - 234.823 (ιστο 09.00-14.00) (από 17.30-20.00)
(Ε418)
ΕΝΟΙΚΙΑΖΕΤΑΙ ισόγειο μεγάλη στη Χρυσοβαλάντου, κατάλληλη για επαγγελματική χρήση. Τηλ. 227.346
(Ε444)
ΕΝΟΙΚΙΑΖΕΤΑΙ στο κέντρο της πόλεως πλήρως επιπλωμένη γκαρσονιέρα, κατάλληλη για φοιτητές. Τηλ. 221.584 και 287.384 ώρες εργασίας.
(Ε371)
ΕΝΟΙΚΙΑΖΕΤΑΙ 2άρι χωρίς ξεκοπάνιο, πλήρης επιπλωμένη με κεντρική θέρμανση και 70τ.μ. οικόπεδο, κοντά στην οδό ΙΤΑΝΟΥ 20. Τηλ. 234.398 - 233.059
(Ε370)
ΕΝΟΙΚΙΑΖΕΤΑΙ 2άρι σε άριστη κατάσταση στη Φοινικιά, κοντά στη Γεωργία του οδού 400 Αγ. Κωνσταντίνου. Τηλ. 257.890
(Ε369)
ΕΝΟΙΚΙΑΖΟΝΤΑΙ 2 διαμερίσματα 2χρονα στην περιοχή Σιδηροπλοΐας Οδός ΟΡΕΑΣ 8. Πληρ. τηλ. 279.906 και 280.400
(Ε366)
ΕΝΟΙΚΙΑΖΕΤΑΙ διαμέρισμα 1) 800τ.μ. 2) 720τ.μ. 3) 180τ.μ. 4) ημιυπόγειο για αποθήκη κοντά στη πλατεία Μυκηνών. Πληρ. τηλ. 0891/ 31.801 από 8πμ-1μμ και 4-9μμ.
(Ε364)
ΕΝΟΙΚΙΑΖΕΤΑΙ διαμέρισμα 4 δωματίων στην Λεωφόρο Παπανδρέου. Τηλ. 222.164
(Ε365)
ΕΝΟΙΚΙΑΖΟΝΤΑΙ γκαρσονιέρες 35τ.μ. κοντά στα Χανιά. Πληρ. τηλ. 243.468
(Ε360)
ΕΝΟΙΚΙΑΖΕΤΑΙ 2άρι και γκαρσονιέρα πλησίον περ. Βαγιάς. Τηλ. 286.585
(Ε455)
ΕΝΟΙΚΙΑΖΟΝΤΑΙ γκαρσονιέρες και δυάρια στην Λεωφόρο Κνωσού πλήρως επιπλωμένες με κεντρική θέρμανση και μεγάλες βεράντες. Τηλ. 252.832
(Ε394)
ΕΝΟΙΚΙΑΖΕΤΑΙ 50άρι διαμέρισμα 2 δωματίων στο Πλατεία Πανανίσου Μασταμπά. Τηλ. 0821/ 57.229
(Ε379)
ΕΝΟΙΚΙΑΖΕΤΑΙ αρτοζαχαροπλαστείο. Τηλ. 0841/ 71.323
(Ε453)
ΕΝΟΙΚΙΑΖΕΤΑΙ κατάστημα 140τ.μ. περιοχή Γιόφυρο πάνω στο δρόμο με μεγάλη πρόσοψη, τζαμαρία, κατάλληλη για αποθήκη. Τηλ. 251.587
(Ε428)
ΕΝΟΙΚΙΑΖΟΝΤΑΙ δωμάτια πλήρως επιπλωμένα 300μ. από τη θάλασσα απέναντι από το κάμπινγκ Μαλλίων. 1900 δρχ. ή βραδιά ενώ η Σχολή για 1 ή δύο μήνες έχει εκπτωση. Τηλ. 260.669
(Ε288)
ΕΝΟΙΚΙΑΖΕΤΑΙ διαμέρισμα Β' όροφο κανούργιο 90τ.μ. Τηλ. 227.514
(Ε385)
ΕΝΟΙΚΙΑΖΕΤΑΙ STUDIO γκαρσονιέρες και 2άρια όλα επιπλωμένα. Προτιμώνται φοιτητές. Περιοχή κοιλάδας Γιόφυρου. Τηλ. 251.770 από 8π.μ.-2μμ. και 250.097 από 4μμ.-12
(Ε359)
ΕΝΟΙΚΙΑΖΕΤΑΙ μεγάλο κατάστημα σε προνομιακή θέση με πολλά έξτρα και τα ευρύχωρο υπόγειο που έχει και εσωτερική είσοδο (ή χωρίς το υπόγειο) στην οδό Μινωος 32 και Γοργίνης. Πληρ. τηλ. 0831/ 21.823 - 285.293
(Ε364)
ΕΝΟΙΚΙΑΖΕΤΑΙ 2 διαμερίσματα στον Αγ. Ιωάννη. Τηλ. 233.676
(Ε410)
ΕΝΟΙΚΙΑΖΕΤΑΙ 3 δωμάτια με κουζίνα για φοιτήτριες, μη καπνιστές. Τηλ. 289.095
(Ε417)
ΕΝΟΙΚΙΑΖΟΝΤΑΙ επιπλωμένες γκαρσονιέρες στην οδό Κυπρου 11 Ιατρικά φοιτητές. Πληρ. τηλ. 281.019 - 285.235
(Ε415)
ΕΝΟΙΚΙΑΖΕΤΑΙ ένα 4άρι και ένα τριάρι στον 4 όροφο στο Λιμάνι Γιόφυρου. Πληρ. τηλ. 283.057 ώρες και απο οδό Δαμασκηνού 6, Ιδιοκτησία κ. Νικολ. Σπετσιωτάκη.
(Ε400)
ΕΝΟΙΚΙΑΖΕΤΑΙ 2.1/2 διαμέρισμα στο 40 χιλμ. Ηρακλείου Γαζίου έναντι Κρητικά Μέγαρα. Τηλ. 251.819
(Ε406)
ΕΝΟΙΚΙΑΖΕΤΑΙ τριάρι καινούργιο στην Λ. 62 Μαρτύρων Γιόφυρο. Τηλ. 250.067
(Ε405)
ΕΝΟΙΚΙΑΖΕΤΑΙ ή ΠΩΛΕΙΤΑΙ μαγαζί 2όροφος ώρες εργασίας
(Ε413)
ΕΝΟΙΚΙΑΖΕΤΑΙ 2άρι ρετιρέ λουξ καινουργιο κοντά στο Πανεπιστήμιο με θέα του τηλέφωνο, απέναντι απ' το ξενοδοχείο ΟΛΥΜΠΙΑΚΟΣ ΠΑΛΛΗ 40. Τηλ. 285.831 πρωί, 221.088 απόγευμα 761.437
(Ε389)
ΕΝΟΙΚΙΑΖΕΤΑΙ 2άρι και γκαρσονιέρα επιπλωμένα με κεντρική θέρμανση στο 90μ. απ' την οδό 62 Μαρτύρων. Τηλ. 257.834
(Ε386)
ΕΝΟΙΚΙΑΖΕΤΑΙ διαμέρισμα πλήρως επιπλωμένο σε γειτονιά Περιβόλα. Πληρ. τηλ. 239.445
(Ε411)
ΕΝΟΙΚΙΑΖΟΝΤΑΙ δωμάτια για φοιτητές με κουζίνα, φοιτήτριες, επιπλωμένα στην περιοχή Σταυρουγιάννη 31. Τηλ. 255.210
(Ε408)
ΕΝΟΙΚΙΑΖΕΤΑΙ διαμέρισμα στην περιοχή Αγ. Ιωάννου. Τηλ. 258.833
(Ε403)
ΕΝΟΙΚΙΑΖΕΤΑΙ 2άρι πλήρως επιπλωμένο στην περιοχή Φοινικιάς. Τηλ. 226.780
(Ε433)
ΕΝΟΙΚΙΑΖΕΤΑΙ μονοκατοικία σε καλή περιοχή του Ηρακλείου για επαγγελματική χρήση. Τηλ. 257.649
(Ε331)
ΕΝΟΙΚΙΑΖΕΤΑΙ 3 διαμέρισμα 130τ.μ. Λάπποα 14 Μασταμπά Γ' όροφος. Πληρ. κ. Κτιστάκη από 9π.μ.-2μμ. και 5.30μμ.-7.30μμ. Τηλ. 225.586
(Ε319)
ΕΝΟΙΚΙΑΖΕΤΑΙ 2άρι με μαθητρίες 2 δωμάτια, κουζίνα, μπάνιο, σε καλή περιοχή. Τηλ. 236.102
(Ε306)
ΕΝΟΙΚΙΑΖΕΤΑΙ μονοκατοικία κοντά στην ΤΕΧΝΙΚΗΣ ΣΧΟΛΗΣ Α-ΛΙΚΑΡΝΑΣΣΟΥ. Τηλ. 228956, 243816
(Ε293)
ΕΝΟΙΚΙΑΖΕΤΑΙ σε φοιτητή καινούργια ύπερξυ διαμέρισμα. Τηλ. 257348, 0894/22986
(Ε302)
ΕΝΟΙΚΙΑΖΕΤΑΙ καινούργιο διαμέρισμα 2 δωματίων με κεντρική θέρμανση και καλή πορεία. Τηλ. 287.700
(Ε419)
ΕΝΟΙΚΙΑΖΕΤΑΙ κατάστημα πλησίον Παρασκευής. Τηλ. 01/ 982.9273
(Ε401)
ΕΝΟΙΚΙΑΖΕΤΑΙ γκαρσονιέρα στο δρόμο 78 Πατέλλες. Τηλ. 239.617
(Ε378)
ΠΑΤΡΙΣ
ΔΙΑΦΟΡΑ
Επισκευή, συντήρηση τοποθέτηση Υ-ΔΡΑΥΛΙΚΩΝ. Τηλ. 227.596
(Δ638)
ΑΜΟΙΒΗ 400.000 ΔΡΧ. Την νύχτα της Παρασκευής 26 Αυγούστου, από κατάστημα στην οδό Πινδάρου κλάπηκαν τα εξής: — COMPUTER CHAPLIN PC, TURBO — ένας ολοκληρωμένος Δίκτυο με οθόνη χρώματος σε Χίλιος με CHAPLIN, μονόχρωμη AMBER, 14 ιντσών με αριθμό 00094 πληρεξούσιο οθόνη της Κ/ΤΑΤ '99 πληκτρών, Εκτυπωτής EPSON LX-800 με αριθμό πλαισίου 0500984 1. Προσφέρω την παραπάνω αμοιβή σε όποιον μου υποδείξει τους δράστες. Πληρ. τηλ. 227.014 από 8-10μμ. και 8-12 π.μ. κ. Γιώργο.
(Δ637)
ΡΑΠΤΟΜΗΧΑΝΕΣ ΠΑΝΤΟΣ ΤΥΠΟΥ ΠΩΛΗΣΕΙΣ-ΣΕΡΒΙΣ-ΑΝΤΑΛΛΚΑ ΕΘΝΙΚΗΣ ΑΝΤΙΣΤΑΣΕΩΣ 119 Έναντι Βιοτεχνίας ΒΛΑΧΑΚΗ Τηλ. 222.308
(Δ638)
Βρέθηκε κόλλεύ. Τηλ. 228572.
(Δ-636)
Λογιστής φοροτεχνικός με 7ετή πείρα αναλαμβάνει την τήρηση βιβλίων σε κλάρκον με ηλεκτρονικό υπολογιστή, λογιστικών βιβλίων Α' κατηγορίας. Πληρ. τηλ. 243842 από 10πμ.-12.
(Δ-635)
ΝΤΕΤΕΚΤΙΒΣ (Ειδικευμένοι) Γραφείο Ερευνών «Λ Ι Ε Ο Ν Ε Σ» Έρευνες, παρακολουθήσεις, κλοπές, διαζύγια, μοιχείες, θέματα οικογενειακά, οικονομικά, εγκλήματα, βιντεοσκοπήσεις, φωτογραφήσεις, μαγνητοφωνήσεις, καταγραφή συνομιλιών, εντοπισμός ηλεκτρονικών εξοπλισμών. Αναλαμβάνουμε υποθέσεις σε όλη την Ελλάδα. Απόλυτη εχεμύθεια. Τηλ. 241.522 Τ.Θ. Κορνάρου 37 (Βολιδε Τζαμί) Ηράκλειο Κρήτης
(Δ604)
ΣΤΕΓΗ ΓΙΑ ΦΟΙΤΗΤΕΣ & ΦΟΙΤΗΤΡΙΕΣ. Τα Οικοτροφεία Θηλέων και Αρρένων της περιοχή Χριστιανικής Κρήτης προσφέρουν στις φοιτήτριες και φοιτητές την ευκαιρία να διαμείνουν, βραχυπρόθεσμα, υπό την επίβλεψη του οικοτροφείου. Στο Οικοτροφείο Ευαγγελ. Φοιτητών δέχονται υποψήφιοι φοιτητές. Πληρ. τηλ. Οικοτροφ. Θηλέων 23.23.05, Οικοτροφ. Αρρένων 23.21.93, Ι. Αρχιεπ. Κρήτης 28.22.09
(Δ620)
ΕΚΛΑΠΗ αυτοκίνητο μάρκας AUDI 100 χρώμα λευκό με αριθμ. Ν.Ι.Η.6946. Παρακαλείται όποιος το εντοπίσει να ειδοποιήσει στο τηλέφωνο 232.189 ή στο πλησιέστερο τμήμα ασφαλείας. Η αμοιβή θα γίνει.
(Δ631)
ΧΑΘΗΚΕ σκυλάκι ράτσας πεκινουά, 14 μηνών κουμπεύω. Παρακαλείται όποιος το βρει, ή γνωρίζει να μου το φέρει σε τηλεφωνήσει στο 231.356 - 289.210 μέχρι 143.0 και 6μμ.-8μμ.
(Δ-634)
ΛΟΓΙΣΤΗΣ αναλαμβάνει την τήρηση Λογιστικών Βιβλίων Α' και Β' Κατηγορίας. Πληρ. τηλ. 226.693 από 8.30πμ.-2μμ και 5μμ-10μμ.
(Δ630)
ΟΡΓΑΝΩΜΕΝΟ ΣΥΝΕΡΓΕΙΟ ΚΤΙΣΤΩΝ αναλαμβάνει κτίσιμο οικοδομών σε κάθε είδους εργασία με ευσυνειδησία. Πληρ. τηλ. 227.084 κ. Σήφη.
(Δ629)
ΜΑΘΗΜΑΤΑ
ΦΥΣΙΚΟΣ παραδίδει μαθήματα Φυσικής, Χημείας σε μαθητές Γυμνασίου Λυκείου. Τηλ. 281.203
(Μ968)
ΑΡΙΣΤΟΥΧΟΣ τελειόφοιτος της Φυσικομαθηματικής σχολής παραδίδει μαθήματα Μαθηματικών σε μαθητές Γυμνασίου - Λυκείου. Τηλ. 229.506
(Μ967)
ΚΑΘΗΓΗΤΡΙΑ Αγγλικών με μακροχρόνια πείρα παραδίδει ιδιαίτερα μαθήματα σε αρχαρίους και προχωρημένους. Τηλ. 282.546 οικία.
(Μ966)
ΓΑΛΛΙΚΑ παραδίδονται από πτυχιούχο καθηγήτρια με πείρα σε αρχάριους και προχωρημένους. Σπουδές στο Δίπλωμα Βαθύτερο. Επίσης αναλαμβάνει την προετοιμασία υποψηφίων για την Κρατική. Τηλ. 229.033 πρωινές και απογευματινές ώρες.
(Μ965)
ΚΑΘΗΓΗΤΡΙΑ Μαθηματικών παραδίδει ιδιαίτερα μαθήματα σε μαθητές Γυμνασίου - Λυκείου και για φοιτητές του ΤΕΙ. Τηλ. 228.667 - 259.904 - 761.253
(Μ963)
ΓΕΡΜΑΝΙΚΑ σε 6 μήνες. Επαναστατική μέθοδος Γ. ΚΩΝΣΤΑΝΤΟΠΟΥΛΟΣ. Επίσης Μαθήματα επί όλων τα στάδια και για το Zertifikat (επίπεδο Β' 8-9-88). Πληρ. ΛΗΜΝΟΥ 8 τηλ. 01/ 210.551 5-8μμ.
(Μ962)
ΣΥΝΟΙΚΕΣΙΑ
Κάποιος αξιόλογος, σοβαρός κύριος επιθυμεί σοβαρή γνωριμία με κυρία έως 30 ετών. Τηλ. 288.609 από 7-30μμ. κ. Νίκο.
(Σ997)
Σπάτασσα της μορφώσεως 53χρον γνήσια με επιθυμίες 5-7 υποτροφιών, κάλους, καθόλου οικογενειακών υποχρεώσεων επιθυμεί γνωριμία με κύριο λογικής και μονήρης μεταξύ 50-60 και 46 ετών. Παρακαλώ και από 36-45 ετών γνωριμιών και τον κύριο στο τηλ. 220.259 μέχρι 8μμ.
(Σ943)
